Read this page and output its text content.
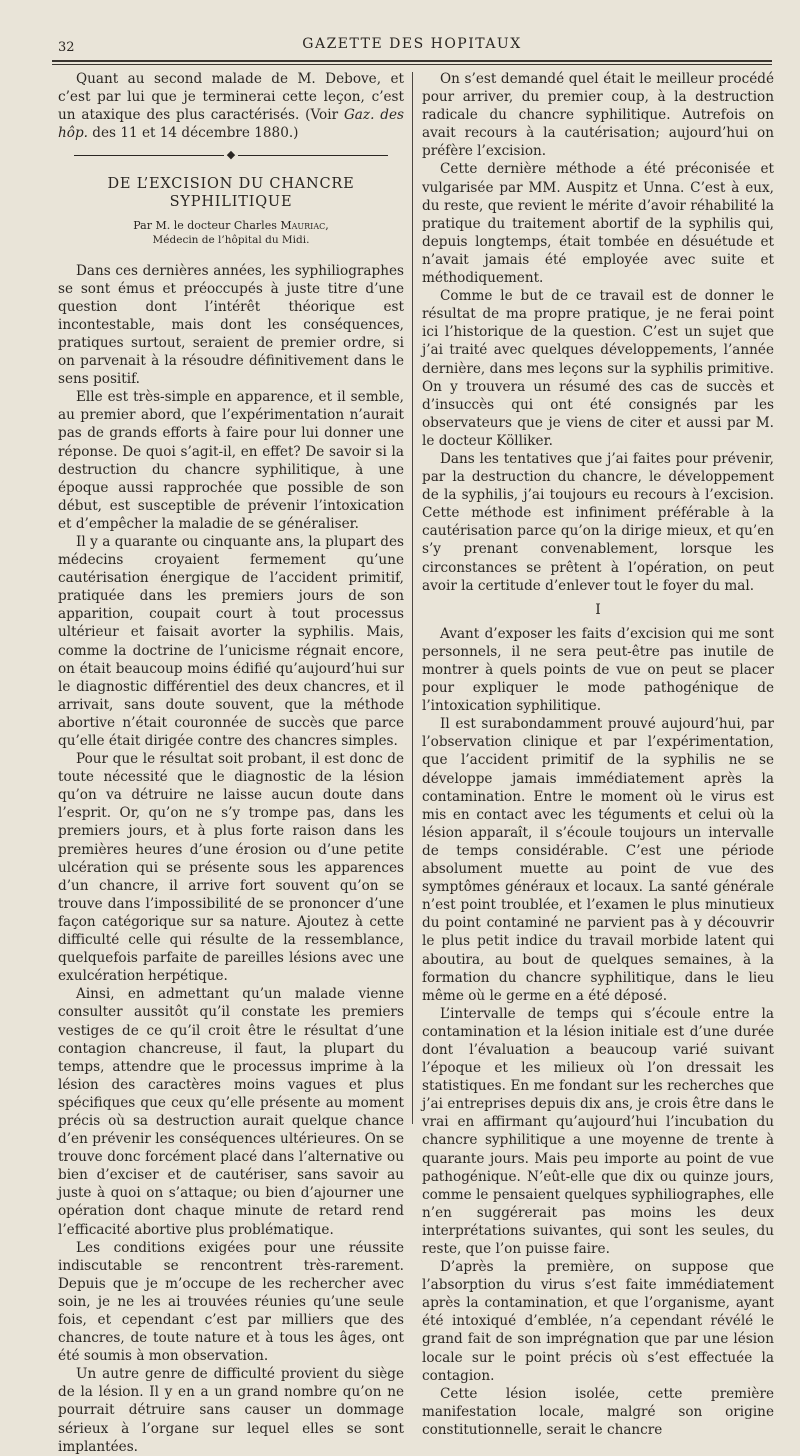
32	GAZETTE DES HOPITAUX

Quant au second malade de M. Debove, et c’est par lui que je terminerai cette leçon, c’est un ataxique des plus caractérisés. (Voir Gaz. des hôp. des 11 et 14 décembre 1880.)

◆

DE L’EXCISION DU CHANCRE SYPHILITIQUE

Par M. le docteur Charles Mauriac,

Médecin de l’hôpital du Midi.

Dans ces dernières années, les syphiliographes se sont émus et préoccupés à juste titre d’une question dont l’intérêt théorique est incontestable, mais dont les conséquences, pratiques surtout, seraient de premier ordre, si on parvenait à la résoudre définitivement dans le sens positif.

Elle est très-simple en apparence, et il semble, au premier abord, que l’expérimentation n’aurait pas de grands efforts à faire pour lui donner une réponse. De quoi s’agit-il, en effet? De savoir si la destruction du chancre syphilitique, à une époque aussi rapprochée que possible de son début, est susceptible de prévenir l’intoxication et d’empêcher la maladie de se généraliser.

Il y a quarante ou cinquante ans, la plupart des médecins croyaient fermement qu’une cautérisation énergique de l’accident primitif, pratiquée dans les premiers jours de son apparition, coupait court à tout processus ultérieur et faisait avorter la syphilis. Mais, comme la doctrine de l’unicisme régnait encore, on était beaucoup moins édifié qu’aujourd’hui sur le diagnostic différentiel des deux chancres, et il arrivait, sans doute souvent, que la méthode abortive n’était couronnée de succès que parce qu’elle était dirigée contre des chancres simples.

Pour que le résultat soit probant, il est donc de toute nécessité que le diagnostic de la lésion qu’on va détruire ne laisse aucun doute dans l’esprit. Or, qu’on ne s’y trompe pas, dans les premiers jours, et à plus forte raison dans les premières heures d’une érosion ou d’une petite ulcération qui se présente sous les apparences d’un chancre, il arrive fort souvent qu’on se trouve dans l’impossibilité de se prononcer d’une façon catégorique sur sa nature. Ajoutez à cette difficulté celle qui résulte de la ressemblance, quelquefois parfaite de pareilles lésions avec une exulcération herpétique.

Ainsi, en admettant qu’un malade vienne consulter aussitôt qu’il constate les premiers vestiges de ce qu’il croit être le résultat d’une contagion chancreuse, il faut, la plupart du temps, attendre que le processus imprime à la lésion des caractères moins vagues et plus spécifiques que ceux qu’elle présente au moment précis où sa destruction aurait quelque chance d’en prévenir les conséquences ultérieures. On se trouve donc forcément placé dans l’alternative ou bien d’exciser et de cautériser, sans savoir au juste à quoi on s’attaque; ou bien d’ajourner une opération dont chaque minute de retard rend l’efficacité abortive plus problématique.

Les conditions exigées pour une réussite indiscutable se rencontrent très-rarement. Depuis que je m’occupe de les rechercher avec soin, je ne les ai trouvées réunies qu’une seule fois, et cependant c’est par milliers que des chancres, de toute nature et à tous les âges, ont été soumis à mon observation.

Un autre genre de difficulté provient du siège de la lésion. Il y en a un grand nombre qu’on ne pourrait détruire sans causer un dommage sérieux à l’organe sur lequel elles se sont implantées.

On s’est demandé quel était le meilleur procédé pour arriver, du premier coup, à la destruction radicale du chancre syphilitique. Autrefois on avait recours à la cautérisation; aujourd’hui on préfère l’excision.

Cette dernière méthode a été préconisée et vulgarisée par MM. Auspitz et Unna. C’est à eux, du reste, que revient le mérite d’avoir réhabilité la pratique du traitement abortif de la syphilis qui, depuis longtemps, était tombée en désuétude et n’avait jamais été employée avec suite et méthodiquement.

Comme le but de ce travail est de donner le résultat de ma propre pratique, je ne ferai point ici l’historique de la question. C’est un sujet que j’ai traité avec quelques développements, l’année dernière, dans mes leçons sur la syphilis primitive. On y trouvera un résumé des cas de succès et d’insuccès qui ont été consignés par les observateurs que je viens de citer et aussi par M. le docteur Kölliker.

Dans les tentatives que j’ai faites pour prévenir, par la destruction du chancre, le développement de la syphilis, j’ai toujours eu recours à l’excision. Cette méthode est infiniment préférable à la cautérisation parce qu’on la dirige mieux, et qu’en s’y prenant convenablement, lorsque les circonstances se prêtent à l’opération, on peut avoir la certitude d’enlever tout le foyer du mal.

I

Avant d’exposer les faits d’excision qui me sont personnels, il ne sera peut-être pas inutile de montrer à quels points de vue on peut se placer pour expliquer le mode pathogénique de l’intoxication syphilitique.

Il est surabondamment prouvé aujourd’hui, par l’observation clinique et par l’expérimentation, que l’accident primitif de la syphilis ne se développe jamais immédiatement après la contamination. Entre le moment où le virus est mis en contact avec les téguments et celui où la lésion apparaît, il s’écoule toujours un intervalle de temps considérable. C’est une période absolument muette au point de vue des symptômes généraux et locaux. La santé générale n’est point troublée, et l’examen le plus minutieux du point contaminé ne parvient pas à y découvrir le plus petit indice du travail morbide latent qui aboutira, au bout de quelques semaines, à la formation du chancre syphilitique, dans le lieu même où le germe en a été déposé.

L’intervalle de temps qui s’écoule entre la contamination et la lésion initiale est d’une durée dont l’évaluation a beaucoup varié suivant l’époque et les milieux où l’on dressait les statistiques. En me fondant sur les recherches que j’ai entreprises depuis dix ans, je crois être dans le vrai en affirmant qu’aujourd’hui l’incubation du chancre syphilitique a une moyenne de trente à quarante jours. Mais peu importe au point de vue pathogénique. N’eût-elle que dix ou quinze jours, comme le pensaient quelques syphiliographes, elle n’en suggérerait pas moins les deux interprétations suivantes, qui sont les seules, du reste, que l’on puisse faire.

D’après la première, on suppose que l’absorption du virus s’est faite immédiatement après la contamination, et que l’organisme, ayant été intoxiqué d’emblée, n’a cependant révélé le grand fait de son imprégnation que par une lésion locale sur le point précis où s’est effectuée la contagion.

Cette lésion isolée, cette première manifestation locale, malgré son origine constitutionnelle, serait le chancre
